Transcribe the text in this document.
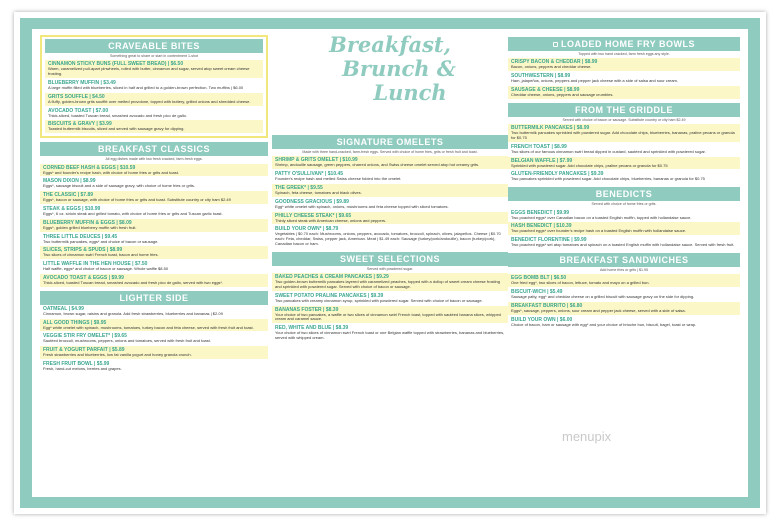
CRAVEABLE BITES
Something great to share or start in contentment 1-shot
CINNAMON STICKY BUNS (FULL SWEET BREAD) | $6.50
Warm, caramelized pull-apart pinwheels, rolled with butter, cinnamon and sugar, served atop sweet cream cheese frosting.
BLUEBERRY MUFFIN | $3.49
A large muffin filled with blueberries, sliced in half and grilled to a golden-brown perfection. Two muffins | $6.00
GRITS SOUFFLÉ | $4.50
A fluffy, golden-brown grits soufflé over melted provolone, topped with buttery, grilled onions and shredded cheese.
AVOCADO TOAST | $7.00
Thick-sliced, toasted Tuscan bread, smashed avocado and fresh pico de gallo.
BISCUITS & GRAVY | $3.99
Toasted buttermilk biscuits, sliced and served with sausage gravy for dipping.
BREAKFAST CLASSICS
All egg dishes made with two fresh cracked, farm-fresh eggs.
CORNED BEEF HASH & EGGS | $10.59
Eggs* and founder's recipe hash, with choice of home fries or grits and toast.
MASON DIXON | $8.99
Eggs*, sausage biscuit and a side of sausage gravy, with choice of home fries or grits.
THE CLASSIC | $7.89
Eggs*, bacon or sausage, with choice of home fries or grits and toast. Substitute country or city ham $2.49
STEAK & EGGS | $10.99
Eggs*, 6 oz. sirloin steak and grilled tomato, with choice of home fries or grits and Tuscan garlic toast.
BLUEBERRY MUFFIN & EGGS | $8.09
Eggs*, golden grilled blueberry muffin with fresh fruit.
THREE LITTLE DEUCES | $9.45
Two buttermilk pancakes, eggs* and choice of bacon or sausage.
SLICES, STRIPS & SPUDS | $8.99
Two slices of cinnamon swirl French toast, bacon and home fries.
LITTLE WAFFLE IN THE HEN HOUSE | $7.50
Half waffle, eggs* and choice of bacon or sausage. Whole waffle $8.50
AVOCADO TOAST & EGGS | $9.99
Thick-sliced, toasted Tuscan bread, smashed avocado and fresh pico de gallo, served with two eggs*.
LIGHTER SIDE
OATMEAL | $4.99
Cinnamon, brown sugar, raisins and granola. Add fresh strawberries, blueberries and bananas | $2.09
ALL GOOD THINGS | $9.95
Egg* white omelet with spinach, mushrooms, tomatoes, turkey bacon and feta cheese, served with fresh fruit and toast.
VEGGIE STIR FRY OMELET* | $9.65
Sautéed broccoli, mushrooms, peppers, onions and tomatoes, served with fresh fruit and toast.
FRUIT & YOGURT PARFAIT | $5.89
Fresh strawberries and blueberries, low fat vanilla yogurt and honey granola crunch.
FRESH FRUIT BOWL | $5.99
Fresh, hand-cut melons, berries and grapes.
Breakfast,
Brunch &
Lunch
SIGNATURE OMELETS
Made with three hand-cracked, farm-fresh eggs. Served with choice of home fries, grits or fresh fruit and toast.
SHRIMP & GRITS OMELET | $10.99
Shrimp, andouille sausage, green peppers, charred onions, and Swiss cheese omelet served atop hot creamy grits.
PATTY O'SULLIVAN* | $10.45
Founder's recipe hash and melted Swiss cheese folded into the omelet.
THE GREEK* | $9.55
Spinach, feta cheese, tomatoes and black olives.
GOODNESS GRACIOUS | $9.89
Egg* white omelet with spinach, onions, mushrooms and feta cheese topped with sliced tomatoes.
PHILLY CHEESE STEAK* | $9.65
Thinly sliced steak with American cheese, onions and peppers.
BUILD YOUR OWN* | $8.79
Vegetables | $0.70 each: Mushrooms, onions, peppers, avocado, tomatoes, broccoli, spinach, olives, jalapeños. Cheese | $0.70 each: Feta, cheddar, Swiss, pepper jack, American. Meat | $1.49 each: Sausage (turkey/pork/andouille), bacon (turkey/pork), Canadian bacon or ham.
SWEET SELECTIONS
Served with powdered sugar.
BAKED PEACHES & CREAM PANCAKES | $9.29
Two golden-brown buttermilk pancakes layered with caramelized peaches, topped with a dollop of sweet cream cheese frosting and sprinkled with powdered sugar. Served with choice of bacon or sausage.
SWEET POTATO PRALINE PANCAKES | $9.39
Two pancakes with creamy cinnamon syrup, sprinkled with powdered sugar. Served with choice of bacon or sausage.
BANANAS FOSTER | $8.39
Your choice of two pancakes, a waffle or two slices of cinnamon swirl French toast, topped with sautéed banana slices, whipped cream and caramel sauce.
RED, WHITE AND BLUE | $8.39
Your choice of two slices of cinnamon swirl French toast or one Belgian waffle topped with strawberries, bananas and blueberries, served with whipped cream.
LOADED HOME FRY BOWLS
Topped with two hand cracked, farm fresh eggs any style.
CRISPY BACON & CHEDDAR | $8.99
Bacon, onions, peppers and cheddar cheese.
SOUTHWESTERN | $8.99
Ham, jalapeños, onions, peppers and pepper jack cheese with a side of salsa and sour cream.
SAUSAGE & CHEESE | $8.99
Cheddar cheese, onions, peppers and sausage crumbles.
FROM THE GRIDDLE
Served with choice of bacon or sausage. Substitute country or city ham $2.49
BUTTERMILK PANCAKES | $8.99
Two buttermilk pancakes sprinkled with powdered sugar. Add chocolate chips, blueberries, bananas, praline pecans or granola for $0.75
FRENCH TOAST | $8.99
Two slices of our famous cinnamon swirl bread dipped in custard, sautéed and sprinkled with powdered sugar.
BELGIAN WAFFLE | $7.99
Sprinkled with powdered sugar. Add chocolate chips, praline pecans or granola for $0.75
GLUTEN-FRIENDLY PANCAKES | $9.39
Two pancakes sprinkled with powdered sugar. Add chocolate chips, blueberries, bananas or granola for $0.75
BENEDICTS
Served with choice of home fries or grits.
EGGS BENEDICT | $9.99
Two poached eggs* over Canadian bacon on a toasted English muffin, topped with hollandaise sauce.
HASH BENEDICT | $10.39
Two poached eggs* over founder's recipe hash on a toasted English muffin with hollandaise sauce.
BENEDICT FLORENTINE | $9.99
Two poached eggs* set atop tomatoes and spinach on a toasted English muffin with hollandaise sauce. Served with fresh fruit.
BREAKFAST SANDWICHES
Add home fries or grits | $1.95
EGG BOMB BLT | $6.50
One fried egg*, two slices of bacon, lettuce, tomato and mayo on a grilled bun.
BISCUIT-WICH | $5.49
Sausage patty, egg* and cheddar cheese on a grilled biscuit with sausage gravy on the side for dipping.
BREAKFAST BURRITO | $6.80
Eggs*, sausage, peppers, onions, sour cream and pepper jack cheese, served with a side of salsa.
BUILD YOUR OWN | $6.00
Choice of bacon, ham or sausage with egg* and your choice of brioche bun, biscuit, bagel, toast or wrap.
menupix
